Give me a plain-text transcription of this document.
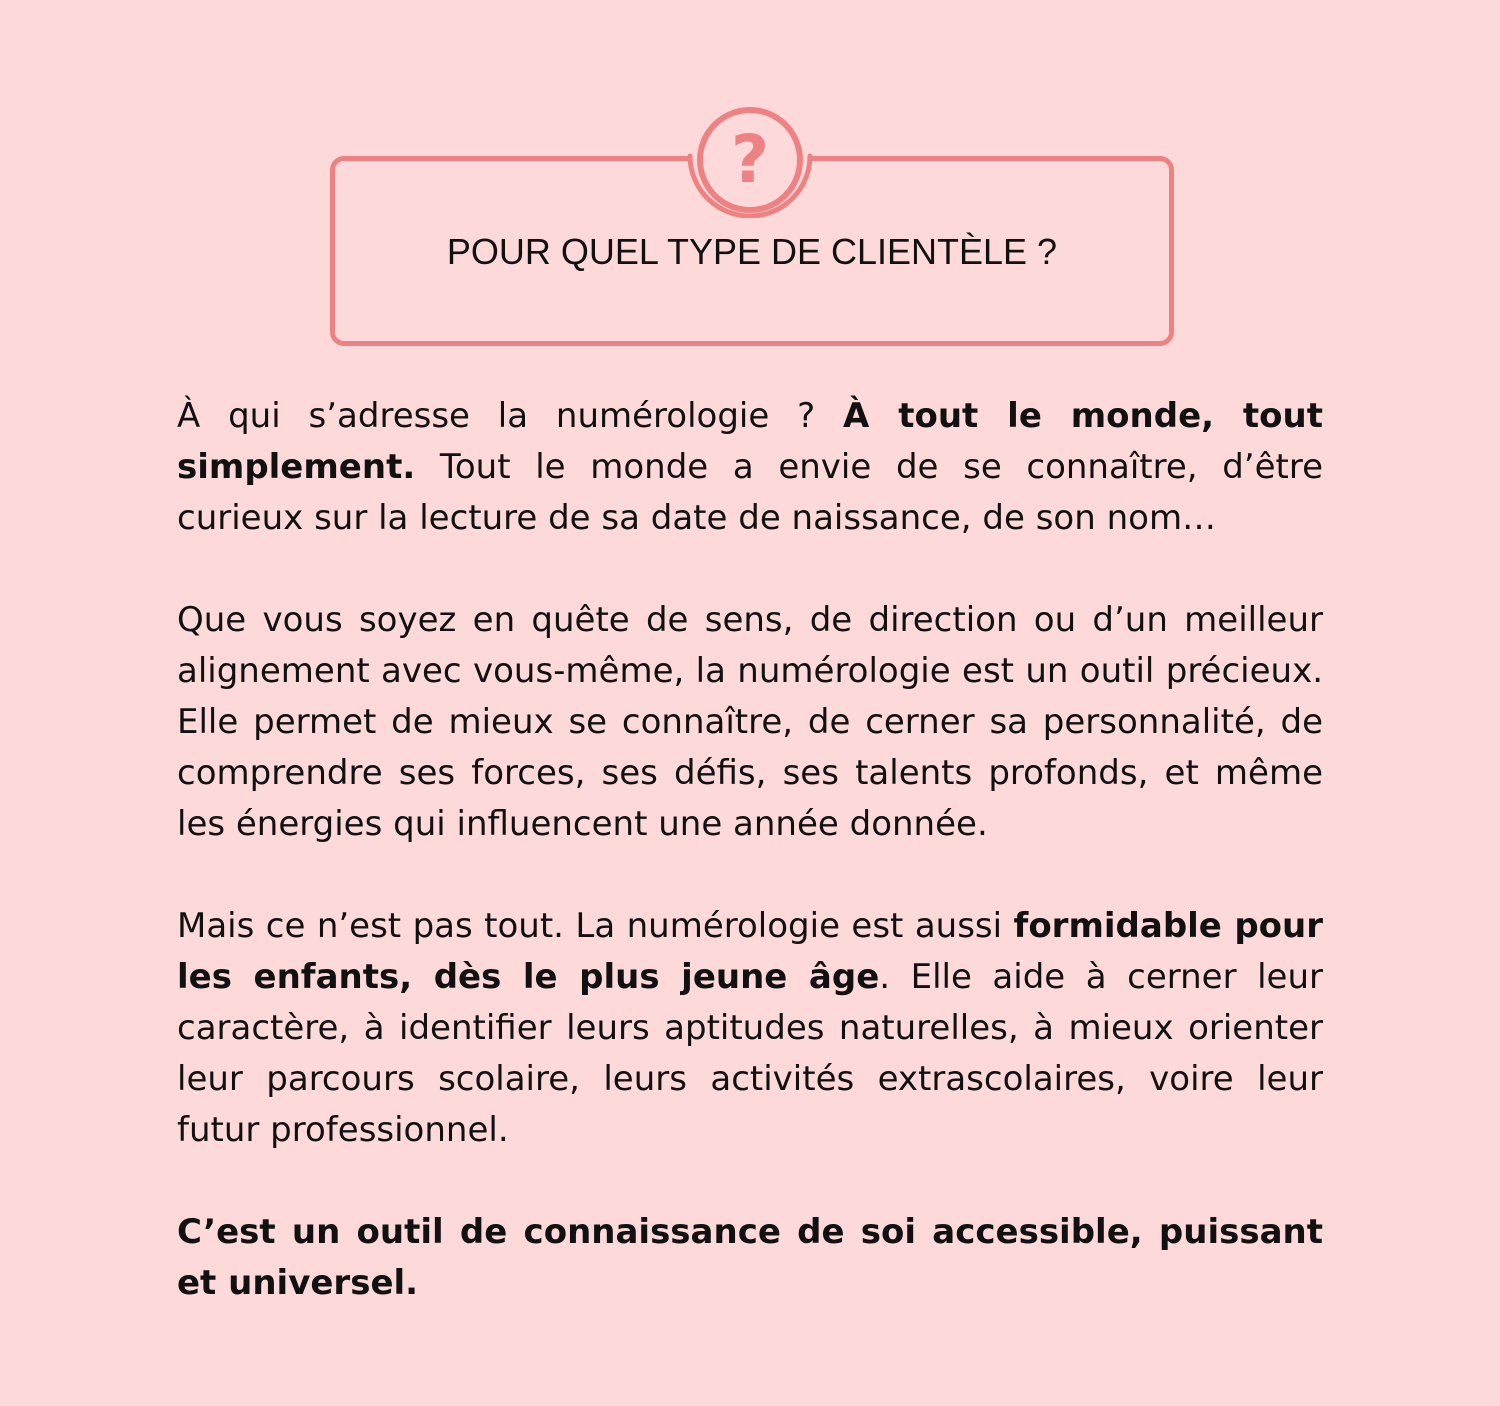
POUR QUEL TYPE DE CLIENTÈLE ?
?

À qui s’adresse la numérologie ? À tout le monde, tout simplement. Tout le monde a envie de se connaître, d’être curieux sur la lecture de sa date de naissance, de son nom…

Que vous soyez en quête de sens, de direction ou d’un meilleur alignement avec vous-même, la numérologie est un outil précieux. Elle permet de mieux se connaître, de cerner sa personnalité, de comprendre ses forces, ses défis, ses talents profonds, et même les énergies qui influencent une année donnée.

Mais ce n’est pas tout. La numérologie est aussi formidable pour les enfants, dès le plus jeune âge. Elle aide à cerner leur caractère, à identifier leurs aptitudes naturelles, à mieux orienter leur parcours scolaire, leurs activités extrascolaires, voire leur futur professionnel.

C’est un outil de connaissance de soi accessible, puissant et universel.
